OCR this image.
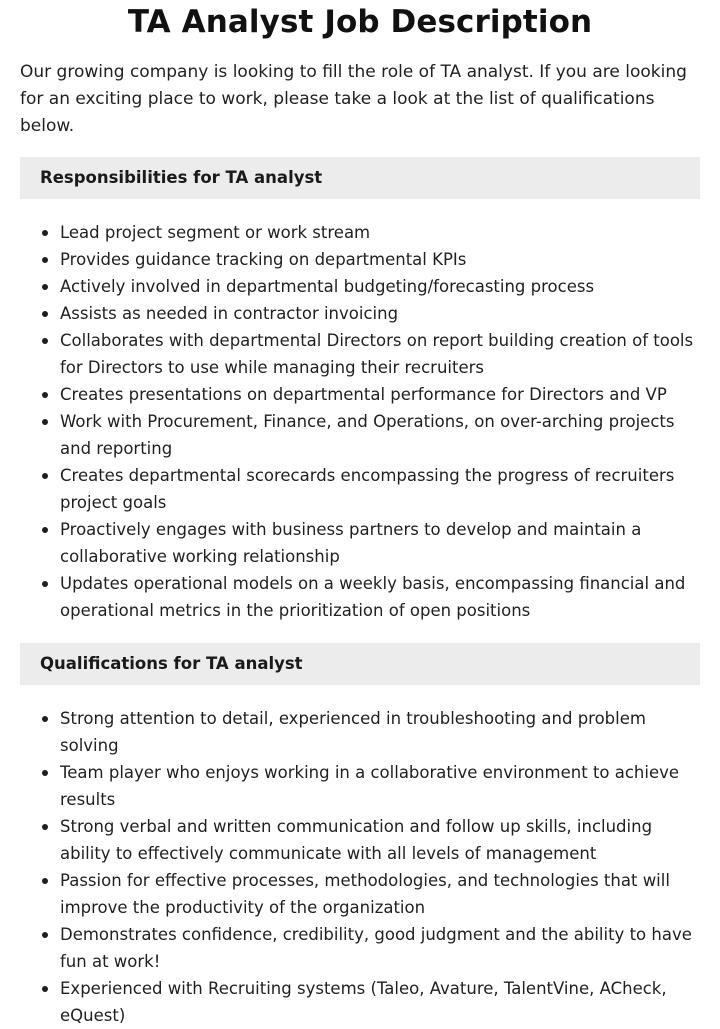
TA Analyst Job Description

Our growing company is looking to fill the role of TA analyst. If you are looking for an exciting place to work, please take a look at the list of qualifications below.

Responsibilities for TA analyst
Lead project segment or work stream
Provides guidance tracking on departmental KPIs
Actively involved in departmental budgeting/forecasting process
Assists as needed in contractor invoicing
Collaborates with departmental Directors on report building creation of tools for Directors to use while managing their recruiters
Creates presentations on departmental performance for Directors and VP
Work with Procurement, Finance, and Operations, on over-arching projects and reporting
Creates departmental scorecards encompassing the progress of recruiters project goals
Proactively engages with business partners to develop and maintain a collaborative working relationship
Updates operational models on a weekly basis, encompassing financial and operational metrics in the prioritization of open positions
Qualifications for TA analyst
Strong attention to detail, experienced in troubleshooting and problem solving
Team player who enjoys working in a collaborative environment to achieve results
Strong verbal and written communication and follow up skills, including ability to effectively communicate with all levels of management
Passion for effective processes, methodologies, and technologies that will improve the productivity of the organization
Demonstrates confidence, credibility, good judgment and the ability to have fun at work!
Experienced with Recruiting systems (Taleo, Avature, TalentVine, ACheck, eQuest)
